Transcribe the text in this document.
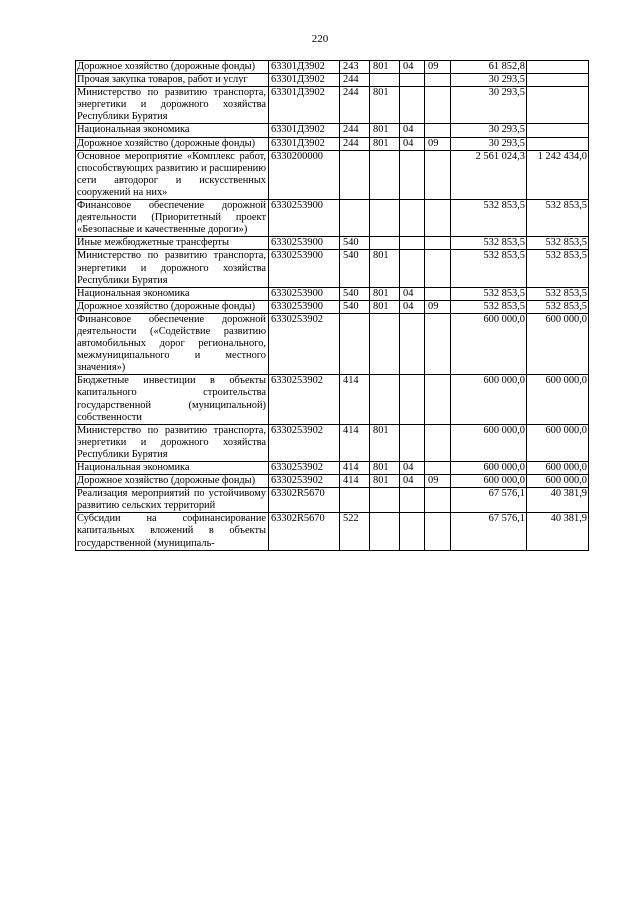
220
Дорожное хозяйство (дорожные фонды)	63301Д3902	243	801	04	09	61 852,8	
Прочая закупка товаров, работ и услуг	63301Д3902	244				30 293,5	
Министерство по развитию транспорта, энергетики и дорожного хозяйства Республики Бурятия	63301Д3902	244	801			30 293,5	
Национальная экономика	63301Д3902	244	801	04		30 293,5	
Дорожное хозяйство (дорожные фонды)	63301Д3902	244	801	04	09	30 293,5	
Основное мероприятие «Комплекс работ, способствующих развитию и расширению сети автодорог и искусственных сооружений на них»	6330200000					2 561 024,3	1 242 434,0
Финансовое обеспечение дорожной деятельности (Приоритетный проект «Безопасные и качественные дороги»)	6330253900					532 853,5	532 853,5
Иные межбюджетные трансферты	6330253900	540				532 853,5	532 853,5
Министерство по развитию транспорта, энергетики и дорожного хозяйства Республики Бурятия	6330253900	540	801			532 853,5	532 853,5
Национальная экономика	6330253900	540	801	04		532 853,5	532 853,5
Дорожное хозяйство (дорожные фонды)	6330253900	540	801	04	09	532 853,5	532 853,5
Финансовое обеспечение дорожной деятельности («Содействие развитию автомобильных дорог регионального, межмуниципального и местного значения»)	6330253902					600 000,0	600 000,0
Бюджетные инвестиции в объекты капитального строительства государственной (муниципальной) собственности	6330253902	414				600 000,0	600 000,0
Министерство по развитию транспорта, энергетики и дорожного хозяйства Республики Бурятия	6330253902	414	801			600 000,0	600 000,0
Национальная экономика	6330253902	414	801	04		600 000,0	600 000,0
Дорожное хозяйство (дорожные фонды)	6330253902	414	801	04	09	600 000,0	600 000,0
Реализация мероприятий по устойчивому развитию сельских территорий	63302R5670					67 576,1	40 381,9
Субсидии на софинансирование капитальных вложений в объекты государственной (муниципаль-	63302R5670	522				67 576,1	40 381,9
